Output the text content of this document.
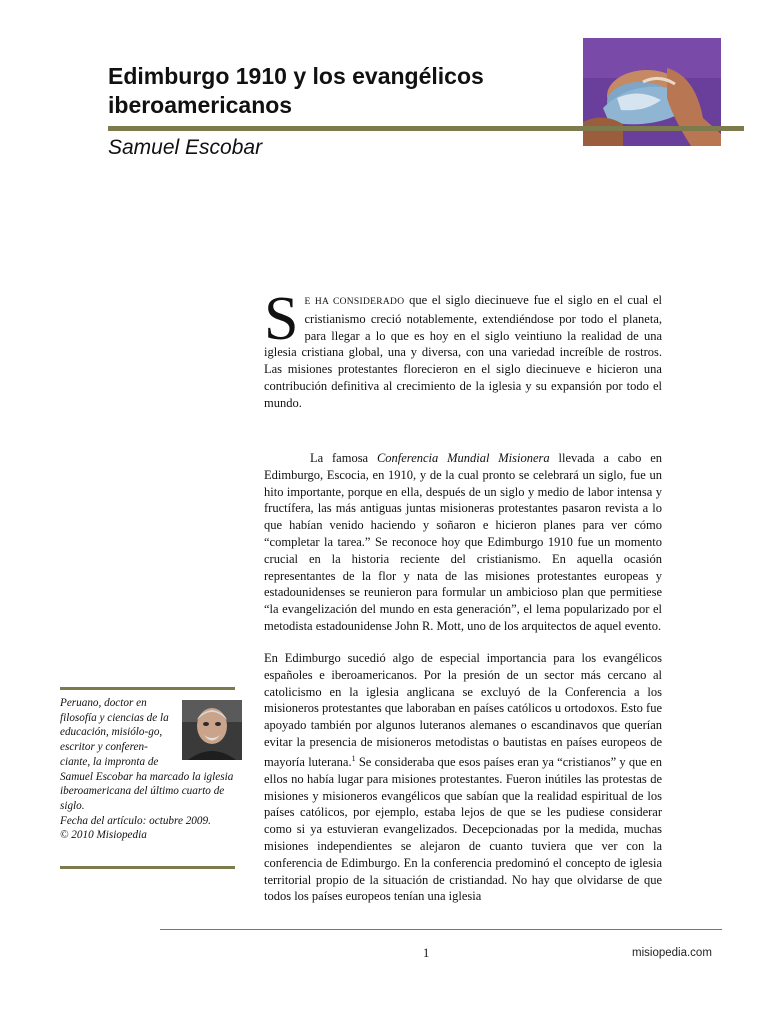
Edimburgo 1910 y los evangélicos
iberoamericanos
Samuel Escobar

S E HA CONSIDERADO que el siglo diecinueve fue el siglo en el cual el cristianismo creció notablemente, extendiéndose por todo el planeta, para llegar a lo que es hoy en el siglo veintiuno la realidad de una iglesia cristiana global, una y diversa, con una variedad increíble de rostros. Las misiones protestantes florecieron en el siglo diecinueve e hicieron una contribución definitiva al crecimiento de la iglesia y su expansión por todo el mundo.

La famosa Conferencia Mundial Misionera llevada a cabo en Edimburgo, Escocia, en 1910, y de la cual pronto se celebrará un siglo, fue un hito importante, porque en ella, después de un siglo y medio de labor intensa y fructífera, las más antiguas juntas misioneras protestantes pasaron revista a lo que habían venido haciendo y soñaron e hicieron planes para ver cómo “completar la tarea.” Se reconoce hoy que Edimburgo 1910 fue un momento crucial en la historia reciente del cristianismo. En aquella ocasión representantes de la flor y nata de las misiones protestantes europeas y estadounidenses se reunieron para formular un ambicioso plan que permitiese “la evangelización del mundo en esta generación”, el lema popularizado por el metodista estadounidense John R. Mott, uno de los arquitectos de aquel evento.

En Edimburgo sucedió algo de especial importancia para los evangélicos españoles e iberoamericanos. Por la presión de un sector más cercano al catolicismo en la iglesia anglicana se excluyó de la Conferencia a los misioneros protestantes que laboraban en países católicos u ortodoxos. Esto fue apoyado también por algunos luteranos alemanes o escandinavos que querían evitar la presencia de misioneros metodistas o bautistas en países europeos de mayoría luterana.$^1$ Se consideraba que esos países eran ya “cristianos” y que en ellos no había lugar para misiones protestantes. Fueron inútiles las protestas de misiones y misioneros evangélicos que sabían que la realidad espiritual de los países católicos, por ejemplo, estaba lejos de que se les pudiese considerar como si ya estuvieran evangelizados. Decepcionadas por la medida, muchas misiones independientes se alejaron de cuanto tuviera que ver con la conferencia de Edimburgo. En la conferencia predominó el concepto de iglesia territorial propio de la situación de cristiandad. No hay que olvidarse de que todos los países europeos tenían una iglesia

Peruano, doctor en filosofía y ciencias de la educación, misiólo-go, escritor y conferen-ciante, la impronta de Samuel Escobar ha marcado la iglesia iberoamericana del último cuarto de siglo.
Fecha del artículo: octubre 2009.
© 2010 Misiopedia
1	misiopedia.com
